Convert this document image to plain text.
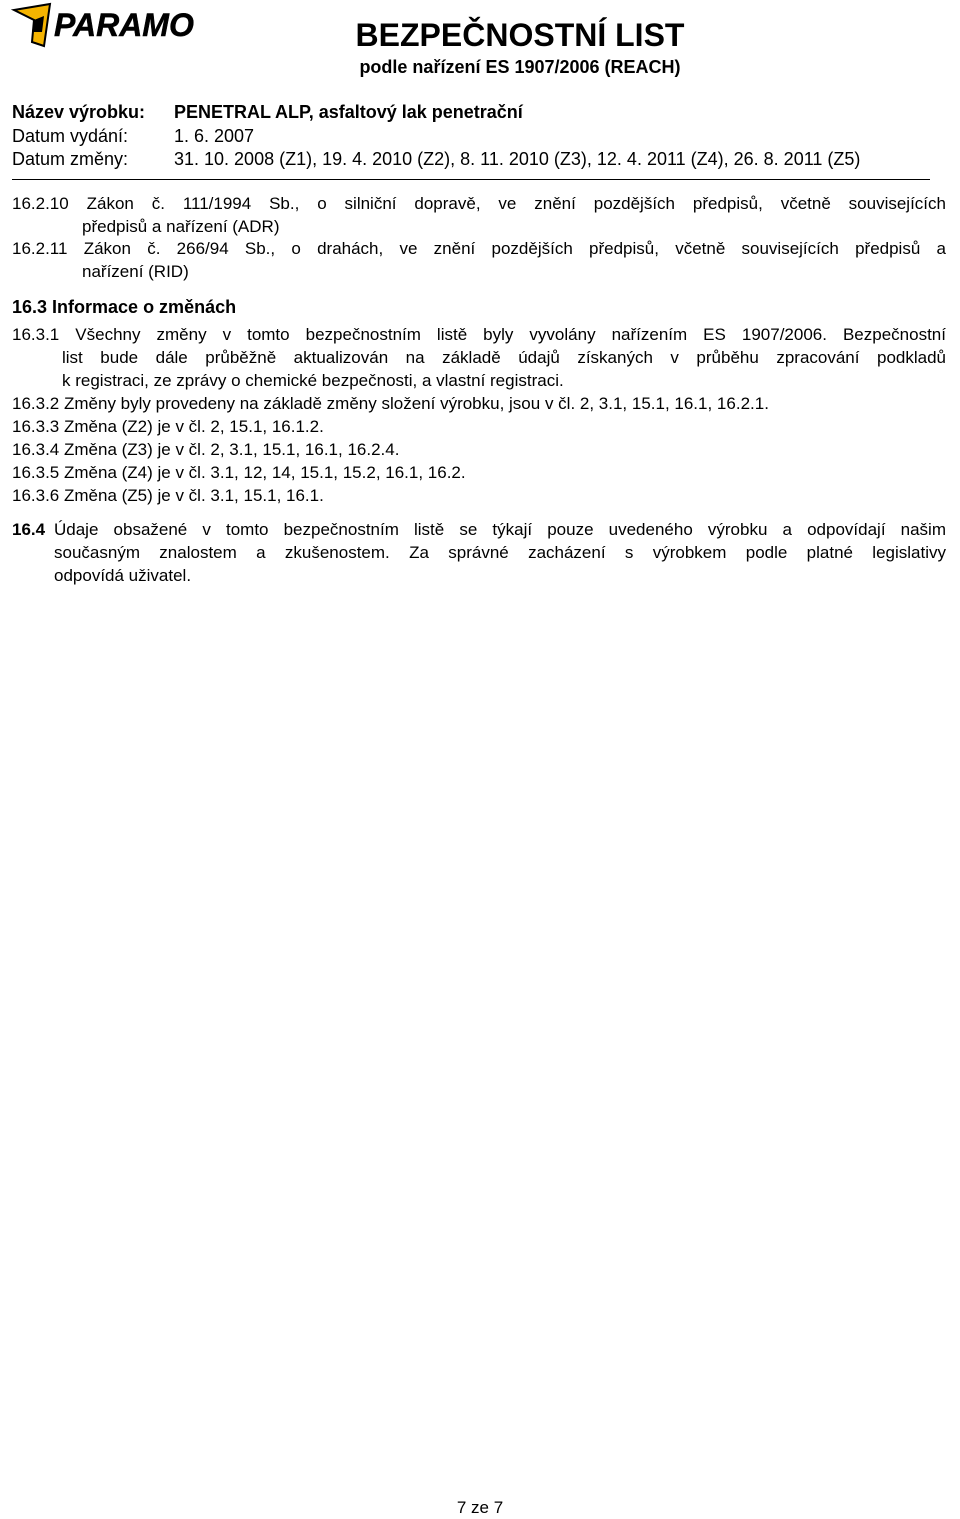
PARAMO	BEZPEČNOSTNÍ LIST
podle nařízení ES 1907/2006 (REACH)
Název výrobku: PENETRAL ALP, asfaltový lak penetrační
Datum vydání:	1. 6. 2007
Datum změny:	31. 10. 2008 (Z1), 19. 4. 2010 (Z2), 8. 11. 2010 (Z3), 12. 4. 2011 (Z4), 26. 8. 2011 (Z5)
16.2.10 Zákon č. 111/1994 Sb., o silniční dopravě, ve znění pozdějších předpisů, včetně souvisejících
předpisů a nařízení (ADR)
16.2.11 Zákon č. 266/94 Sb., o drahách, ve znění pozdějších předpisů, včetně souvisejících předpisů a
nařízení (RID)
16.3 Informace o změnách
16.3.1 Všechny změny v tomto bezpečnostním listě byly vyvolány nařízením ES 1907/2006. Bezpečnostní
list bude dále průběžně aktualizován na základě údajů získaných v průběhu zpracování podkladů
k registraci, ze zprávy o chemické bezpečnosti, a vlastní registraci.
16.3.2 Změny byly provedeny na základě změny složení výrobku, jsou v čl. 2, 3.1, 15.1, 16.1, 16.2.1.
16.3.3 Změna (Z2) je v čl. 2, 15.1, 16.1.2.
16.3.4 Změna (Z3) je v čl. 2, 3.1, 15.1, 16.1, 16.2.4.
16.3.5 Změna (Z4) je v čl. 3.1, 12, 14, 15.1, 15.2, 16.1, 16.2.
16.3.6 Změna (Z5) je v čl. 3.1, 15.1, 16.1.
16.4 Údaje obsažené v tomto bezpečnostním listě se týkají pouze uvedeného výrobku a odpovídají našim
současným znalostem a zkušenostem. Za správné zacházení s výrobkem podle platné legislativy
odpovídá uživatel.
7 ze 7
